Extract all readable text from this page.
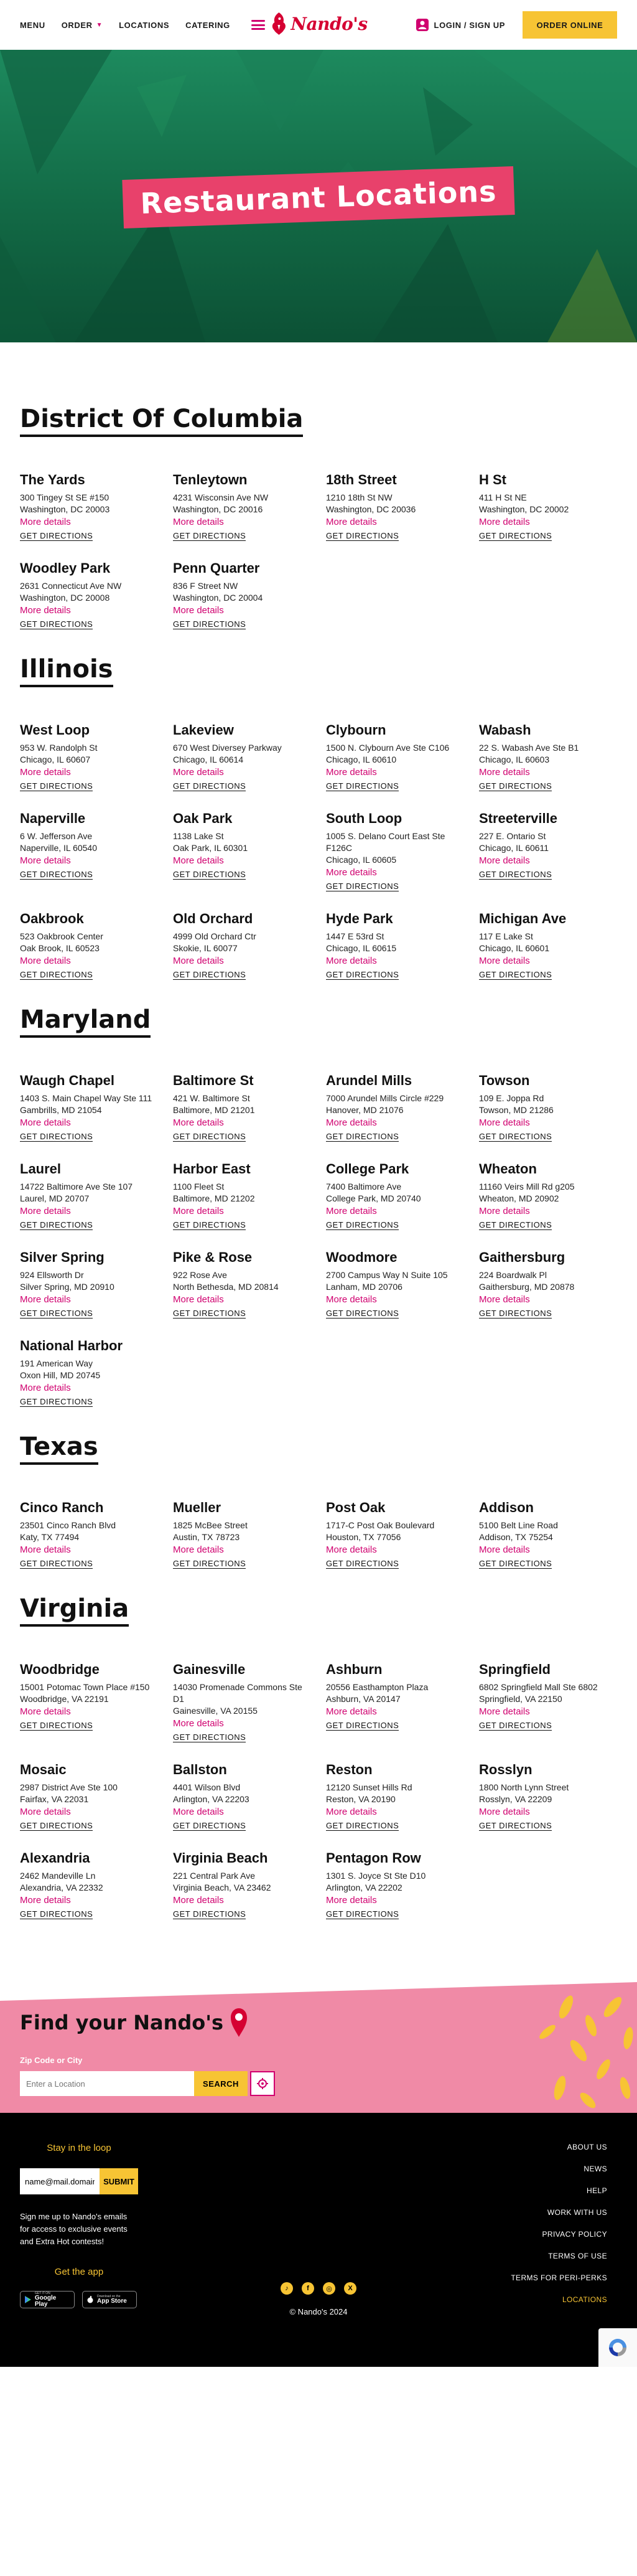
MENU ORDER ▼ LOCATIONS CATERING	Nando's	LOGIN / SIGN UP	ORDER ONLINE
Restaurant Locations
District Of Columbia
The Yards
300 Tingey St SE #150
Washington, DC 20003
More details
GET DIRECTIONS
Tenleytown
4231 Wisconsin Ave NW
Washington, DC 20016
More details
GET DIRECTIONS
18th Street
1210 18th St NW
Washington, DC 20036
More details
GET DIRECTIONS
H St
411 H St NE
Washington, DC 20002
More details
GET DIRECTIONS
Woodley Park
2631 Connecticut Ave NW
Washington, DC 20008
More details
GET DIRECTIONS
Penn Quarter
836 F Street NW
Washington, DC 20004
More details
GET DIRECTIONS
Illinois
West Loop
953 W. Randolph St
Chicago, IL 60607
More details
GET DIRECTIONS
Lakeview
670 West Diversey Parkway
Chicago, IL 60614
More details
GET DIRECTIONS
Clybourn
1500 N. Clybourn Ave Ste C106
Chicago, IL 60610
More details
GET DIRECTIONS
Wabash
22 S. Wabash Ave Ste B1
Chicago, IL 60603
More details
GET DIRECTIONS
Naperville
6 W. Jefferson Ave
Naperville, IL 60540
More details
GET DIRECTIONS
Oak Park
1138 Lake St
Oak Park, IL 60301
More details
GET DIRECTIONS
South Loop
1005 S. Delano Court East Ste F126C
Chicago, IL 60605
More details
GET DIRECTIONS
Streeterville
227 E. Ontario St
Chicago, IL 60611
More details
GET DIRECTIONS
Oakbrook
523 Oakbrook Center
Oak Brook, IL 60523
More details
GET DIRECTIONS
Old Orchard
4999 Old Orchard Ctr
Skokie, IL 60077
More details
GET DIRECTIONS
Hyde Park
1447 E 53rd St
Chicago, IL 60615
More details
GET DIRECTIONS
Michigan Ave
117 E Lake St
Chicago, IL 60601
More details
GET DIRECTIONS
Maryland
Waugh Chapel
1403 S. Main Chapel Way Ste 111
Gambrills, MD 21054
More details
GET DIRECTIONS
Baltimore St
421 W. Baltimore St
Baltimore, MD 21201
More details
GET DIRECTIONS
Arundel Mills
7000 Arundel Mills Circle #229
Hanover, MD 21076
More details
GET DIRECTIONS
Towson
109 E. Joppa Rd
Towson, MD 21286
More details
GET DIRECTIONS
Laurel
14722 Baltimore Ave Ste 107
Laurel, MD 20707
More details
GET DIRECTIONS
Harbor East
1100 Fleet St
Baltimore, MD 21202
More details
GET DIRECTIONS
College Park
7400 Baltimore Ave
College Park, MD 20740
More details
GET DIRECTIONS
Wheaton
11160 Veirs Mill Rd g205
Wheaton, MD 20902
More details
GET DIRECTIONS
Silver Spring
924 Ellsworth Dr
Silver Spring, MD 20910
More details
GET DIRECTIONS
Pike & Rose
922 Rose Ave
North Bethesda, MD 20814
More details
GET DIRECTIONS
Woodmore
2700 Campus Way N Suite 105
Lanham, MD 20706
More details
GET DIRECTIONS
Gaithersburg
224 Boardwalk Pl
Gaithersburg, MD 20878
More details
GET DIRECTIONS
National Harbor
191 American Way
Oxon Hill, MD 20745
More details
GET DIRECTIONS
Texas
Cinco Ranch
23501 Cinco Ranch Blvd
Katy, TX 77494
More details
GET DIRECTIONS
Mueller
1825 McBee Street
Austin, TX 78723
More details
GET DIRECTIONS
Post Oak
1717-C Post Oak Boulevard
Houston, TX 77056
More details
GET DIRECTIONS
Addison
5100 Belt Line Road
Addison, TX 75254
More details
GET DIRECTIONS
Virginia
Woodbridge
15001 Potomac Town Place #150
Woodbridge, VA 22191
More details
GET DIRECTIONS
Gainesville
14030 Promenade Commons Ste D1
Gainesville, VA 20155
More details
GET DIRECTIONS
Ashburn
20556 Easthampton Plaza
Ashburn, VA 20147
More details
GET DIRECTIONS
Springfield
6802 Springfield Mall Ste 6802
Springfield, VA 22150
More details
GET DIRECTIONS
Mosaic
2987 District Ave Ste 100
Fairfax, VA 22031
More details
GET DIRECTIONS
Ballston
4401 Wilson Blvd
Arlington, VA 22203
More details
GET DIRECTIONS
Reston
12120 Sunset Hills Rd
Reston, VA 20190
More details
GET DIRECTIONS
Rosslyn
1800 North Lynn Street
Rosslyn, VA 22209
More details
GET DIRECTIONS
Alexandria
2462 Mandeville Ln
Alexandria, VA 22332
More details
GET DIRECTIONS
Virginia Beach
221 Central Park Ave
Virginia Beach, VA 23462
More details
GET DIRECTIONS
Pentagon Row
1301 S. Joyce St Ste D10
Arlington, VA 22202
More details
GET DIRECTIONS
Find your Nando's
Zip Code or City
Enter a Location
SEARCH
Stay in the loop
name@mail.domain
SUBMIT
Sign me up to Nando's emails for access to exclusive events and Extra Hot contests!
Get the app
GET IT ON
Google Play
Download on the
App Store
♪	f	◎	X
© Nando's 2024
ABOUT US
NEWS
HELP
WORK WITH US
PRIVACY POLICY
TERMS OF USE
TERMS FOR PERI-PERKS
LOCATIONS
